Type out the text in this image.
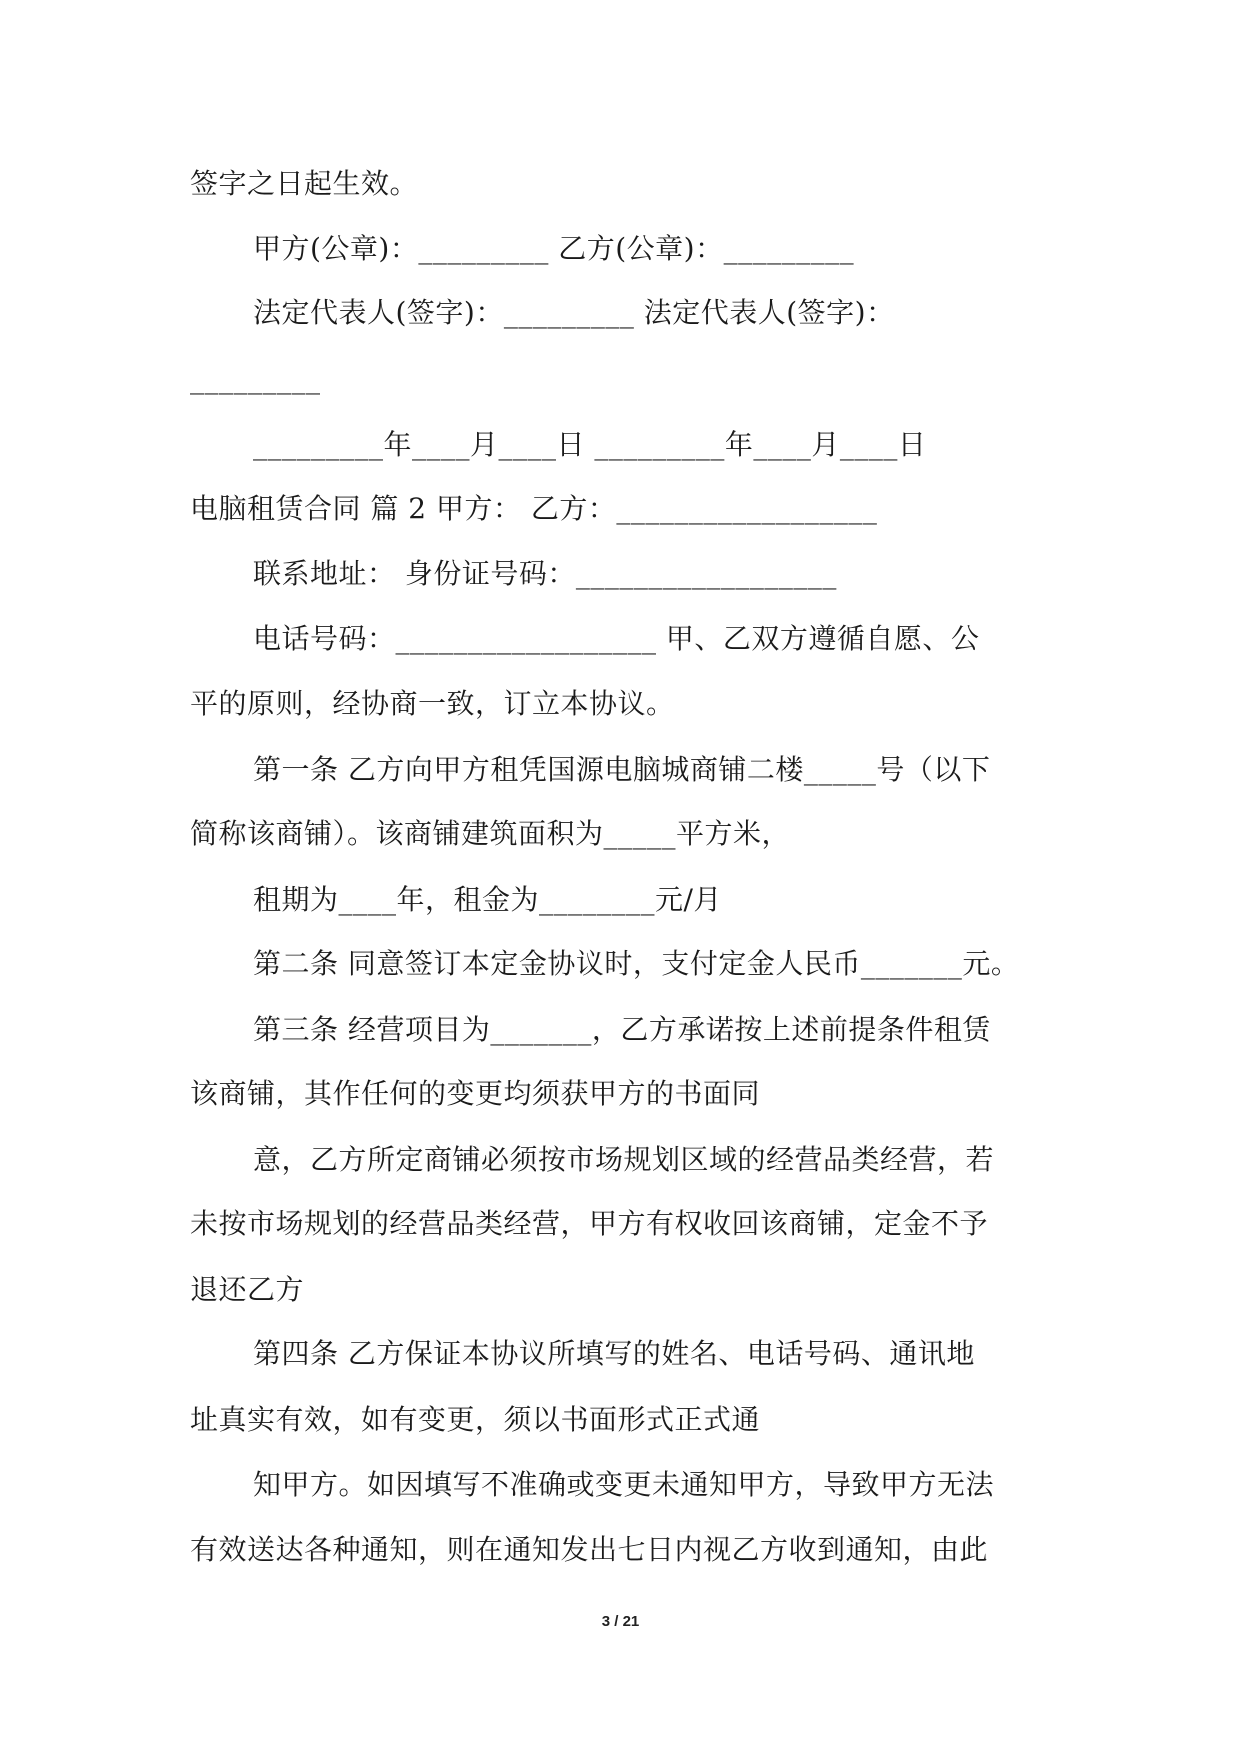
签字之日起生效。
甲方(公章)：_________ 乙方(公章)：_________
法定代表人(签字)：_________ 法定代表人(签字)：
_________
_________年____月____日 _________年____月____日
电脑租赁合同 篇 2 甲方： 乙方：__________________
联系地址： 身份证号码：__________________
电话号码：__________________ 甲、乙双方遵循自愿、公
平的原则，经协商一致，订立本协议。
第一条 乙方向甲方租凭国源电脑城商铺二楼_____号（以下
简称该商铺）。该商铺建筑面积为_____平方米，
租期为____年，租金为________元/月
第二条 同意签订本定金协议时，支付定金人民币_______元。
第三条 经营项目为_______，乙方承诺按上述前提条件租赁
该商铺，其作任何的变更均须获甲方的书面同
意，乙方所定商铺必须按市场规划区域的经营品类经营，若
未按市场规划的经营品类经营，甲方有权收回该商铺，定金不予
退还乙方
第四条 乙方保证本协议所填写的姓名、电话号码、通讯地
址真实有效，如有变更，须以书面形式正式通
知甲方。如因填写不准确或变更未通知甲方，导致甲方无法
有效送达各种通知，则在通知发出七日内视乙方收到通知，由此
3 / 21
